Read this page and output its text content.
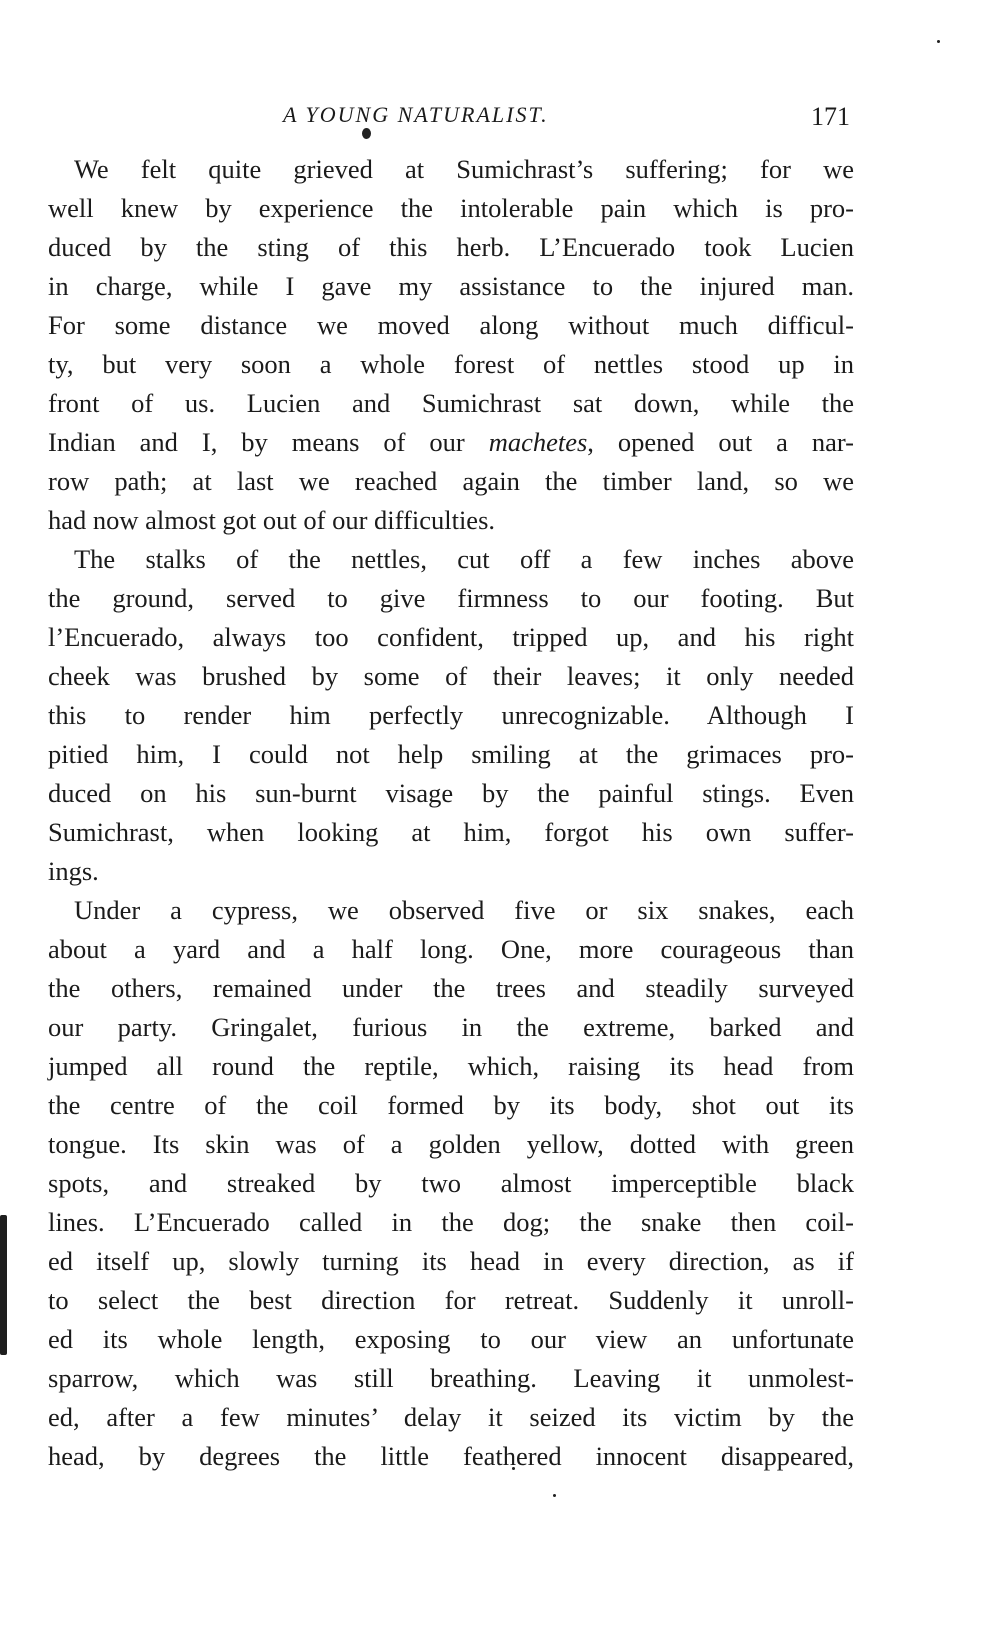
A YOUNG NATURALIST.	171
We felt quite grieved at Sumichrast’s suffering; for we
well knew by experience the intolerable pain which is pro-
duced by the sting of this herb. L’Encuerado took Lucien
in charge, while I gave my assistance to the injured man.
For some distance we moved along without much difficul-
ty, but very soon a whole forest of nettles stood up in
front of us. Lucien and Sumichrast sat down, while the
Indian and I, by means of our machetes, opened out a nar-
row path; at last we reached again the timber land, so we
had now almost got out of our difficulties.
The stalks of the nettles, cut off a few inches above
the ground, served to give firmness to our footing. But
l’Encuerado, always too confident, tripped up, and his right
cheek was brushed by some of their leaves; it only needed
this to render him perfectly unrecognizable. Although I
pitied him, I could not help smiling at the grimaces pro-
duced on his sun-burnt visage by the painful stings. Even
Sumichrast, when looking at him, forgot his own suffer-
ings.
Under a cypress, we observed five or six snakes, each
about a yard and a half long. One, more courageous than
the others, remained under the trees and steadily surveyed
our party. Gringalet, furious in the extreme, barked and
jumped all round the reptile, which, raising its head from
the centre of the coil formed by its body, shot out its
tongue. Its skin was of a golden yellow, dotted with green
spots, and streaked by two almost imperceptible black
lines. L’Encuerado called in the dog; the snake then coil-
ed itself up, slowly turning its head in every direction, as if
to select the best direction for retreat. Suddenly it unroll-
ed its whole length, exposing to our view an unfortunate
sparrow, which was still breathing. Leaving it unmolest-
ed, after a few minutes’ delay it seized its victim by the
head, by degrees the little feathered innocent disappeared,
